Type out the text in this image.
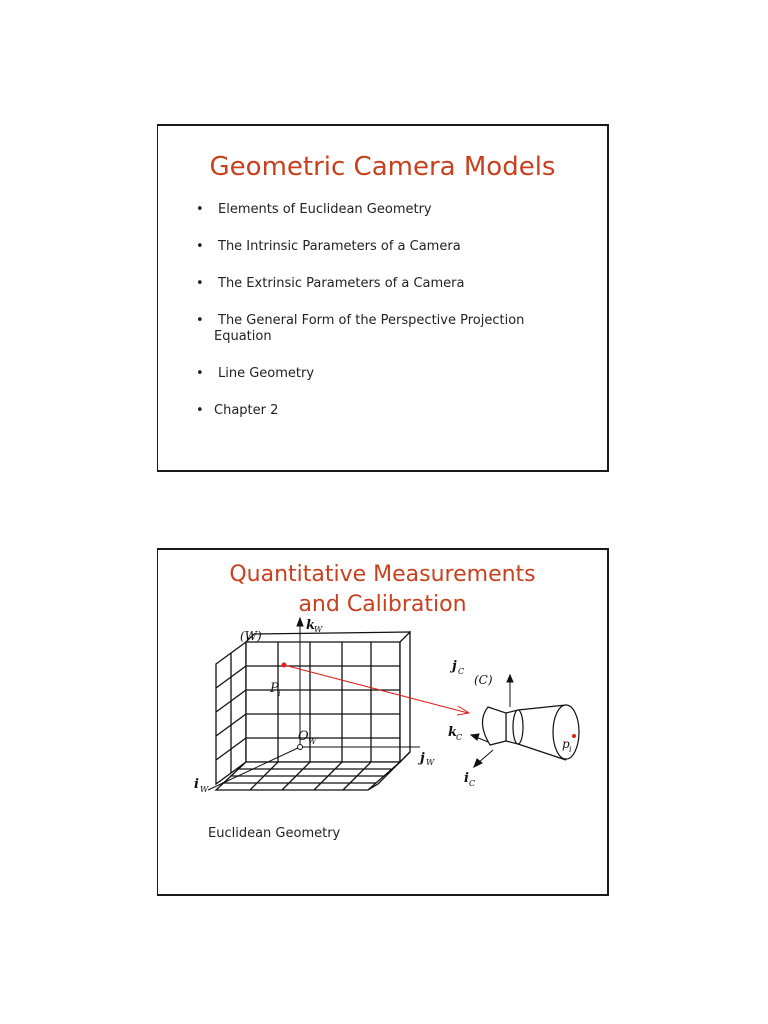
Geometric Camera Models
• Elements of Euclidean Geometry
• The Intrinsic Parameters of a Camera
• The Extrinsic Parameters of a Camera
• The General Form of the Perspective Projection
Equation
• Line Geometry
• Chapter 2
Quantitative Measurements
and Calibration
(W)
k
W
P i
O W
j W
i W
j C
(C)
k
C
i C
p i
Euclidean Geometry
